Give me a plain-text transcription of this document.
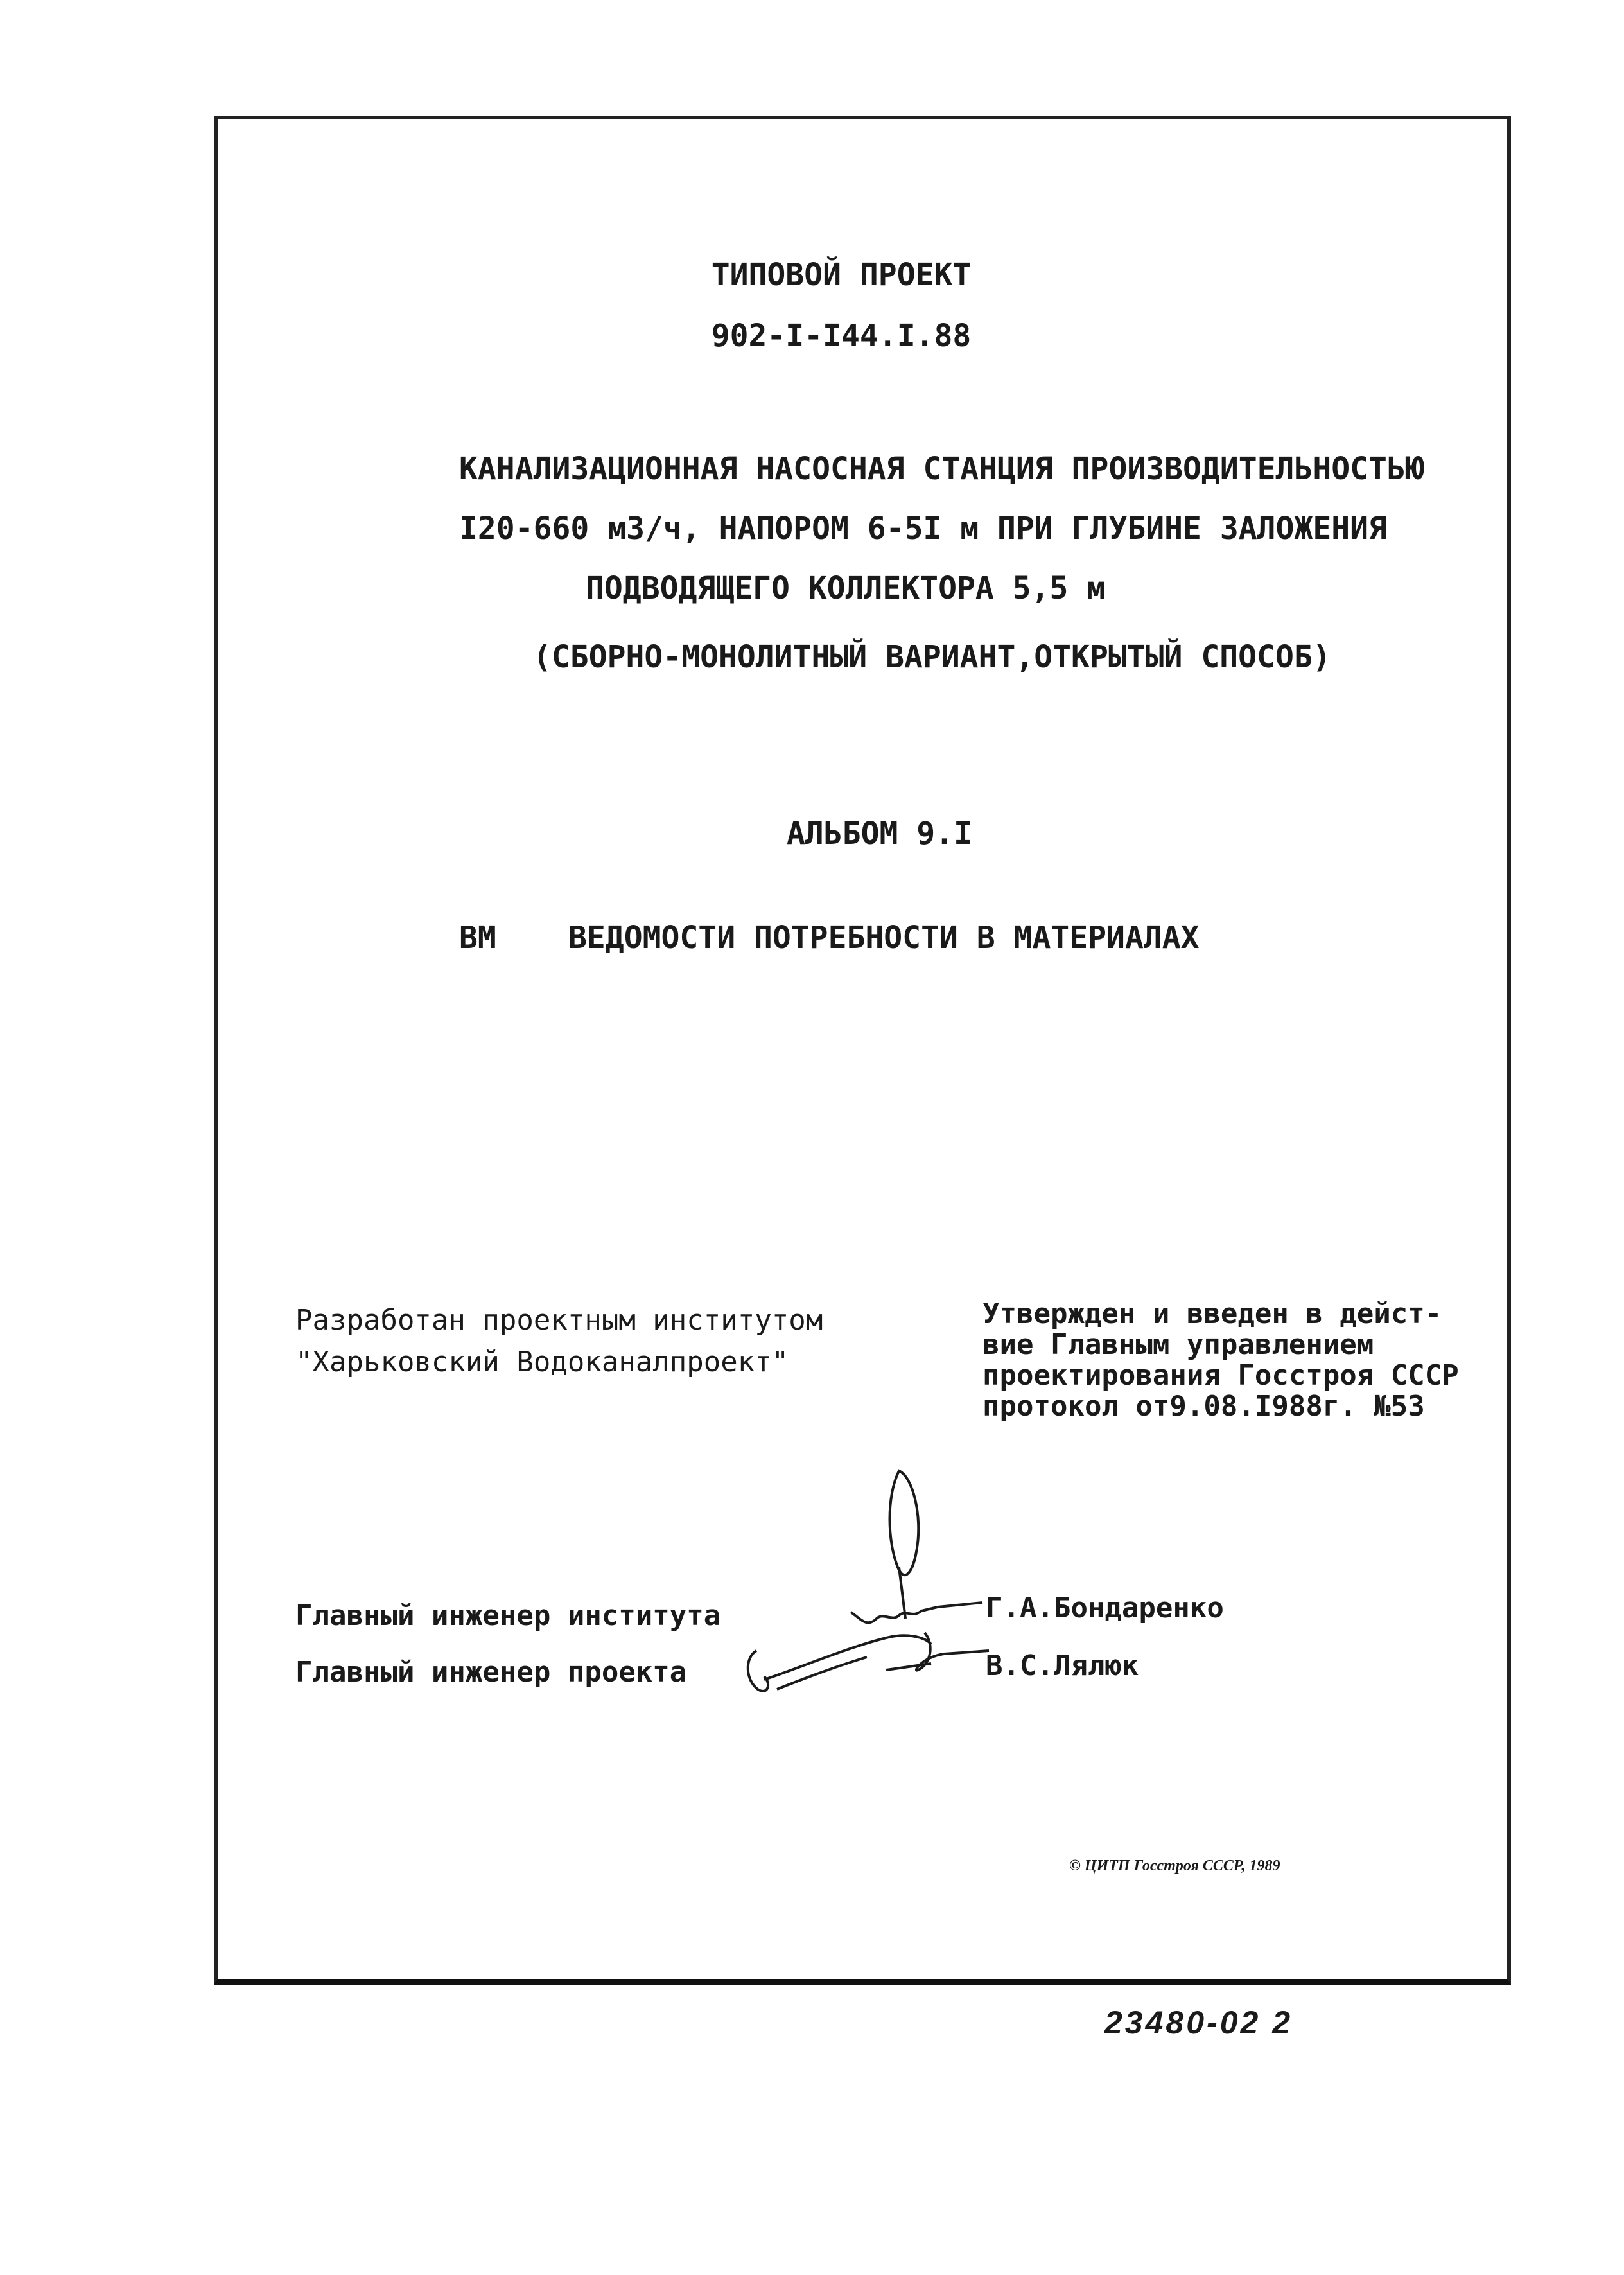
ТИПОВОЙ ПРОЕКТ
902-I-I44.I.88
КАНАЛИЗАЦИОННАЯ НАСОСНАЯ СТАНЦИЯ ПРОИЗВОДИТЕЛЬНОСТЬЮ
I20-660 м3/ч, НАПОРОМ 6-5I м ПРИ ГЛУБИНЕ ЗАЛОЖЕНИЯ
ПОДВОДЯЩЕГО КОЛЛЕКТОРА 5,5 м
(СБОРНО-МОНОЛИТНЫЙ ВАРИАНТ,ОТКРЫТЫЙ СПОСОБ)
АЛЬБОМ 9.I
ВМ ВЕДОМОСТИ ПОТРЕБНОСТИ В МАТЕРИАЛАХ
Разработан проектным институтом
"Харьковский Водоканалпроект"
Утвержден и введен в дейст-
вие Главным управлением
проектирования Госстроя СССР
протокол от9.08.I988г. №53
Главный инженер института	Г.А.Бондаренко
Главный инженер проекта	В.С.Лялюк
© ЦИТП Госстроя СССР, 1989
23480-02 2
